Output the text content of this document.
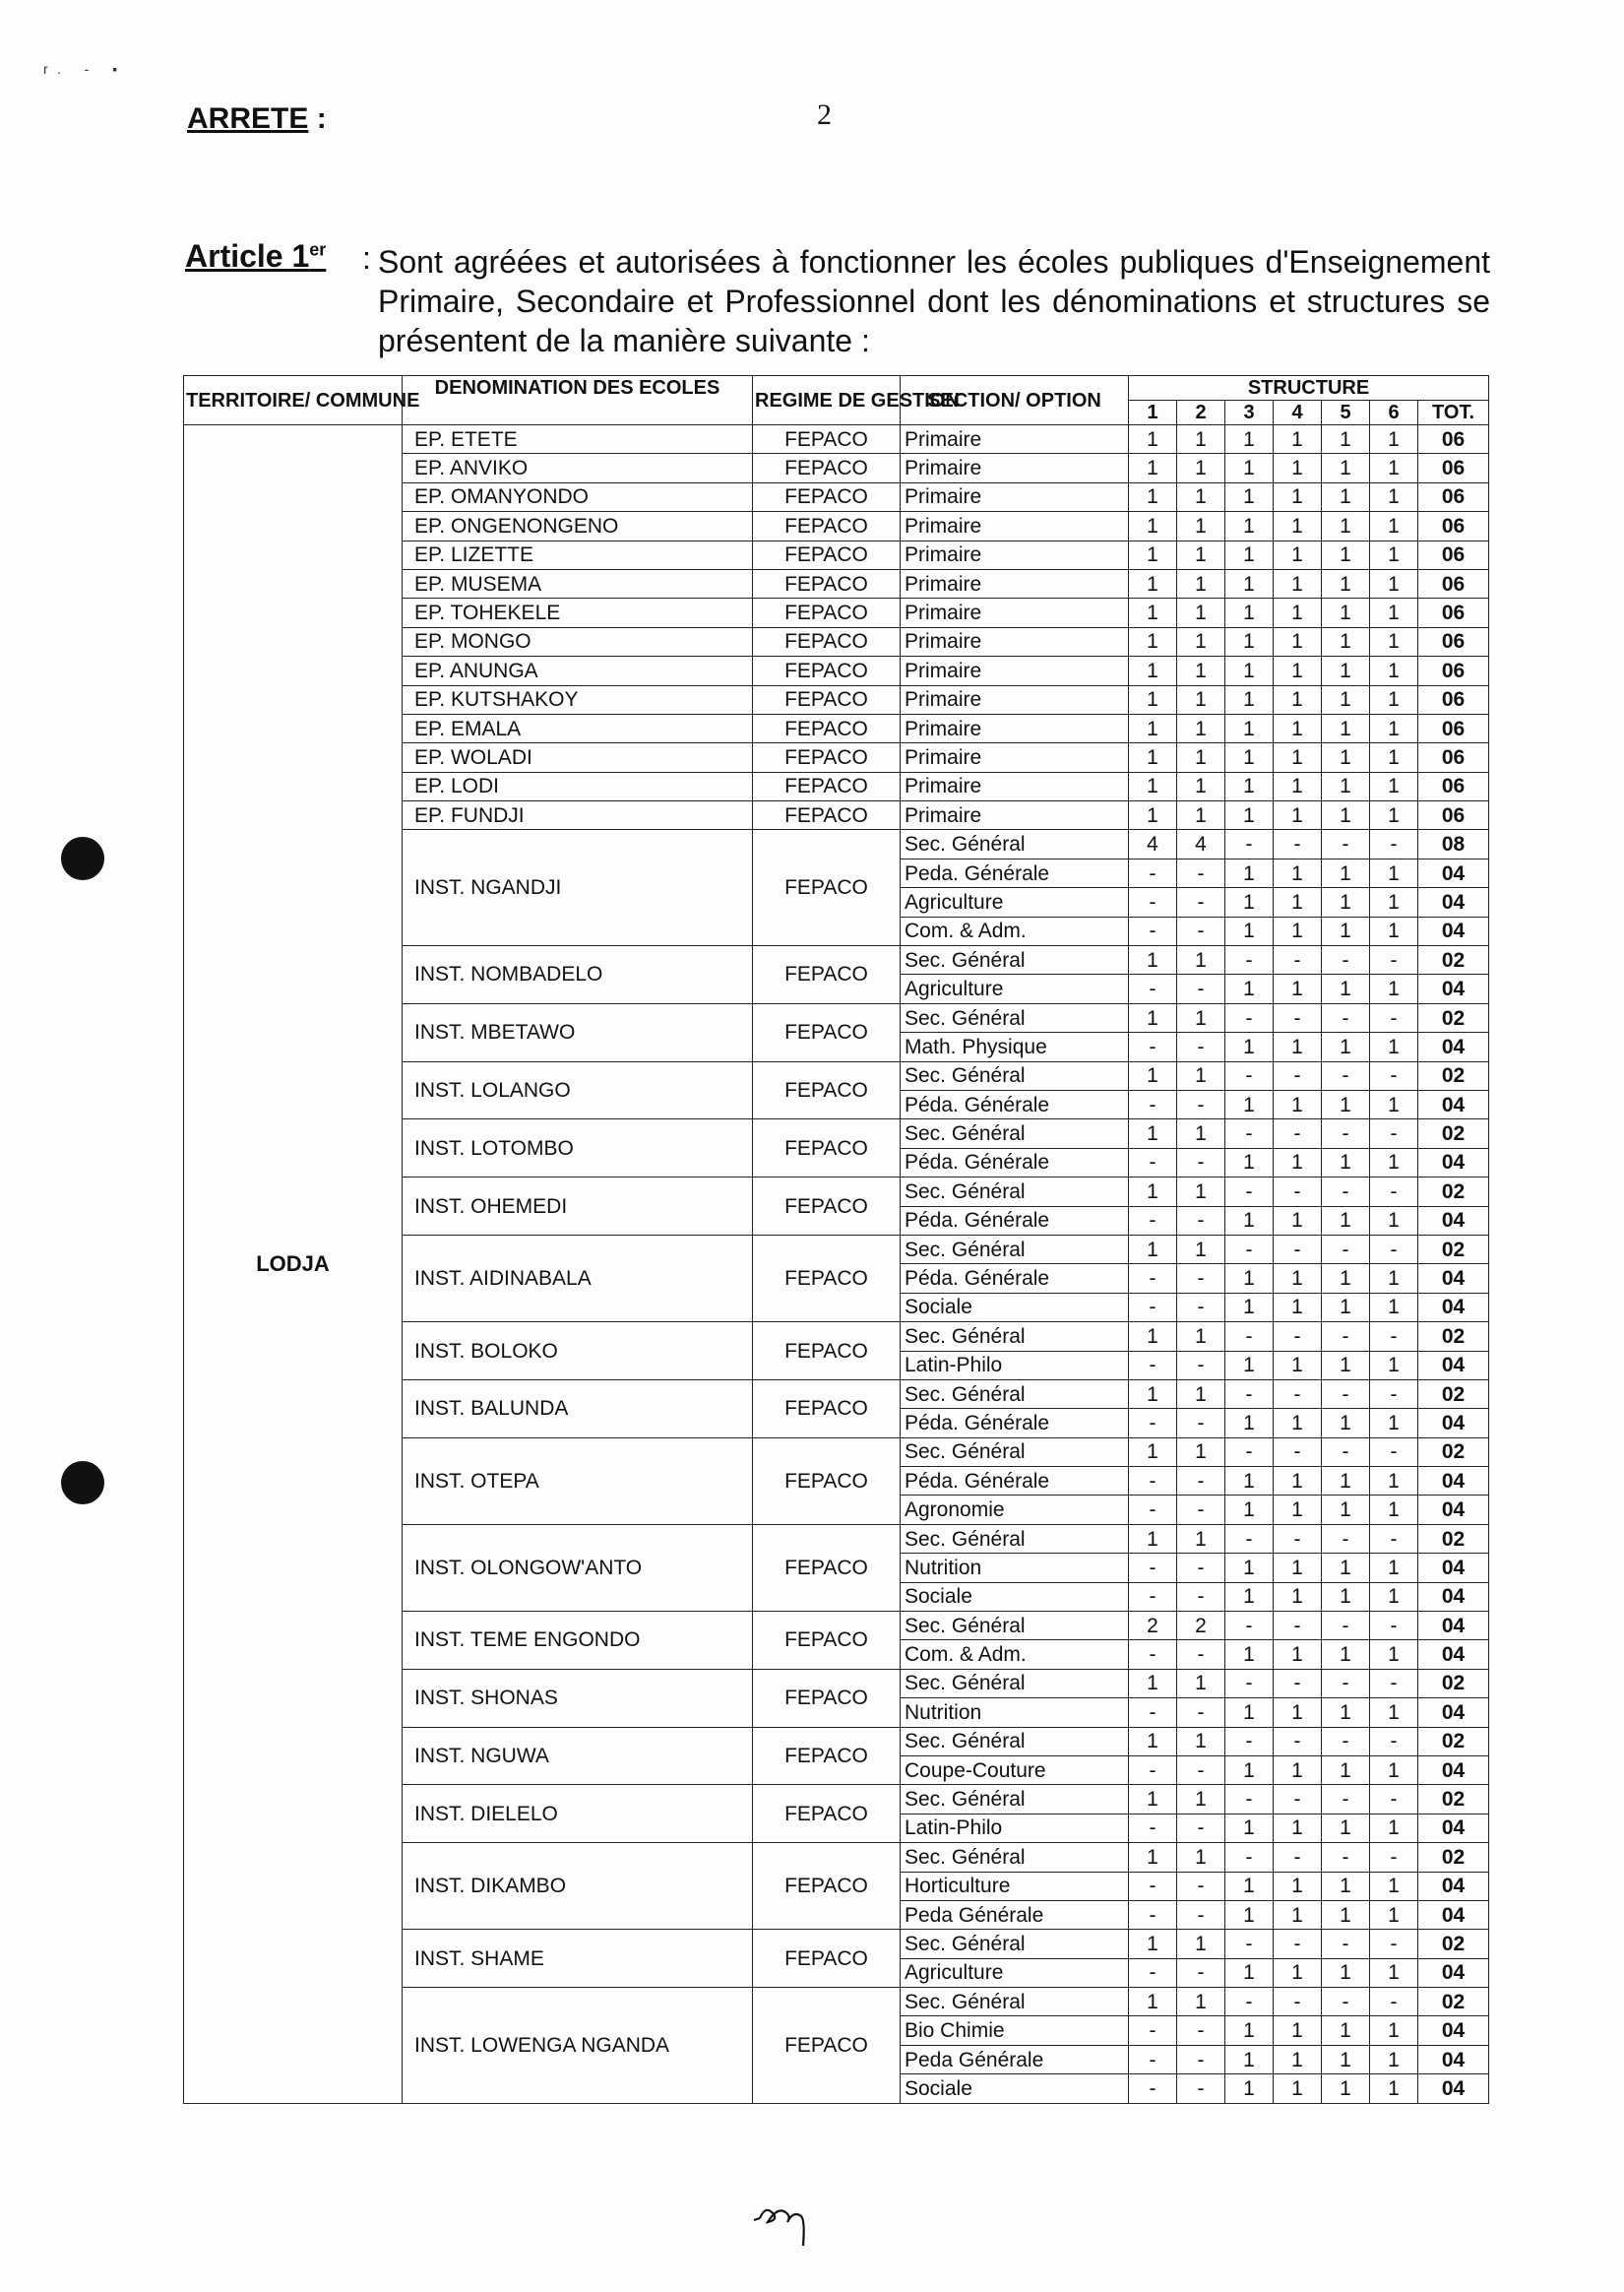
r. - ▪
ARRETE :	2
Article 1er : Sont agréées et autorisées à fonctionner les écoles publiques d'Enseignement Primaire, Secondaire et Professionnel dont les dénominations et structures se présentent de la manière suivante :
TERRITOIRE/ COMMUNE	DENOMINATION DES ECOLES	REGIME DE GESTION	SECTION/ OPTION	STRUCTURE						
				1	2	3	4	5	6	TOT.
LODJA	EP. ETETE	FEPACO	Primaire	1	1	1	1	1	1	06
	EP. ANVIKO	FEPACO	Primaire	1	1	1	1	1	1	06
	EP. OMANYONDO	FEPACO	Primaire	1	1	1	1	1	1	06
	EP. ONGENONGENO	FEPACO	Primaire	1	1	1	1	1	1	06
	EP. LIZETTE	FEPACO	Primaire	1	1	1	1	1	1	06
	EP. MUSEMA	FEPACO	Primaire	1	1	1	1	1	1	06
	EP. TOHEKELE	FEPACO	Primaire	1	1	1	1	1	1	06
	EP. MONGO	FEPACO	Primaire	1	1	1	1	1	1	06
	EP. ANUNGA	FEPACO	Primaire	1	1	1	1	1	1	06
	EP. KUTSHAKOY	FEPACO	Primaire	1	1	1	1	1	1	06
	EP. EMALA	FEPACO	Primaire	1	1	1	1	1	1	06
	EP. WOLADI	FEPACO	Primaire	1	1	1	1	1	1	06
	EP. LODI	FEPACO	Primaire	1	1	1	1	1	1	06
	EP. FUNDJI	FEPACO	Primaire	1	1	1	1	1	1	06
	INST. NGANDJI	FEPACO	Sec. Général	4	4	-	-	-	-	08
			Peda. Générale	-	-	1	1	1	1	04
			Agriculture	-	-	1	1	1	1	04
			Com. & Adm.	-	-	1	1	1	1	04
	INST. NOMBADELO	FEPACO	Sec. Général	1	1	-	-	-	-	02
			Agriculture	-	-	1	1	1	1	04
	INST. MBETAWO	FEPACO	Sec. Général	1	1	-	-	-	-	02
			Math. Physique	-	-	1	1	1	1	04
	INST. LOLANGO	FEPACO	Sec. Général	1	1	-	-	-	-	02
			Péda. Générale	-	-	1	1	1	1	04
	INST. LOTOMBO	FEPACO	Sec. Général	1	1	-	-	-	-	02
			Péda. Générale	-	-	1	1	1	1	04
	INST. OHEMEDI	FEPACO	Sec. Général	1	1	-	-	-	-	02
			Péda. Générale	-	-	1	1	1	1	04
	INST. AIDINABALA	FEPACO	Sec. Général	1	1	-	-	-	-	02
			Péda. Générale	-	-	1	1	1	1	04
			Sociale	-	-	1	1	1	1	04
	INST. BOLOKO	FEPACO	Sec. Général	1	1	-	-	-	-	02
			Latin-Philo	-	-	1	1	1	1	04
	INST. BALUNDA	FEPACO	Sec. Général	1	1	-	-	-	-	02
			Péda. Générale	-	-	1	1	1	1	04
	INST. OTEPA	FEPACO	Sec. Général	1	1	-	-	-	-	02
			Péda. Générale	-	-	1	1	1	1	04
			Agronomie	-	-	1	1	1	1	04
	INST. OLONGOW'ANTO	FEPACO	Sec. Général	1	1	-	-	-	-	02
			Nutrition	-	-	1	1	1	1	04
			Sociale	-	-	1	1	1	1	04
	INST. TEME ENGONDO	FEPACO	Sec. Général	2	2	-	-	-	-	04
			Com. & Adm.	-	-	1	1	1	1	04
	INST. SHONAS	FEPACO	Sec. Général	1	1	-	-	-	-	02
			Nutrition	-	-	1	1	1	1	04
	INST. NGUWA	FEPACO	Sec. Général	1	1	-	-	-	-	02
			Coupe-Couture	-	-	1	1	1	1	04
	INST. DIELELO	FEPACO	Sec. Général	1	1	-	-	-	-	02
			Latin-Philo	-	-	1	1	1	1	04
	INST. DIKAMBO	FEPACO	Sec. Général	1	1	-	-	-	-	02
			Horticulture	-	-	1	1	1	1	04
			Peda Générale	-	-	1	1	1	1	04
	INST. SHAME	FEPACO	Sec. Général	1	1	-	-	-	-	02
			Agriculture	-	-	1	1	1	1	04
	INST. LOWENGA NGANDA	FEPACO	Sec. Général	1	1	-	-	-	-	02
			Bio Chimie	-	-	1	1	1	1	04
			Peda Générale	-	-	1	1	1	1	04
			Sociale	-	-	1	1	1	1	04
